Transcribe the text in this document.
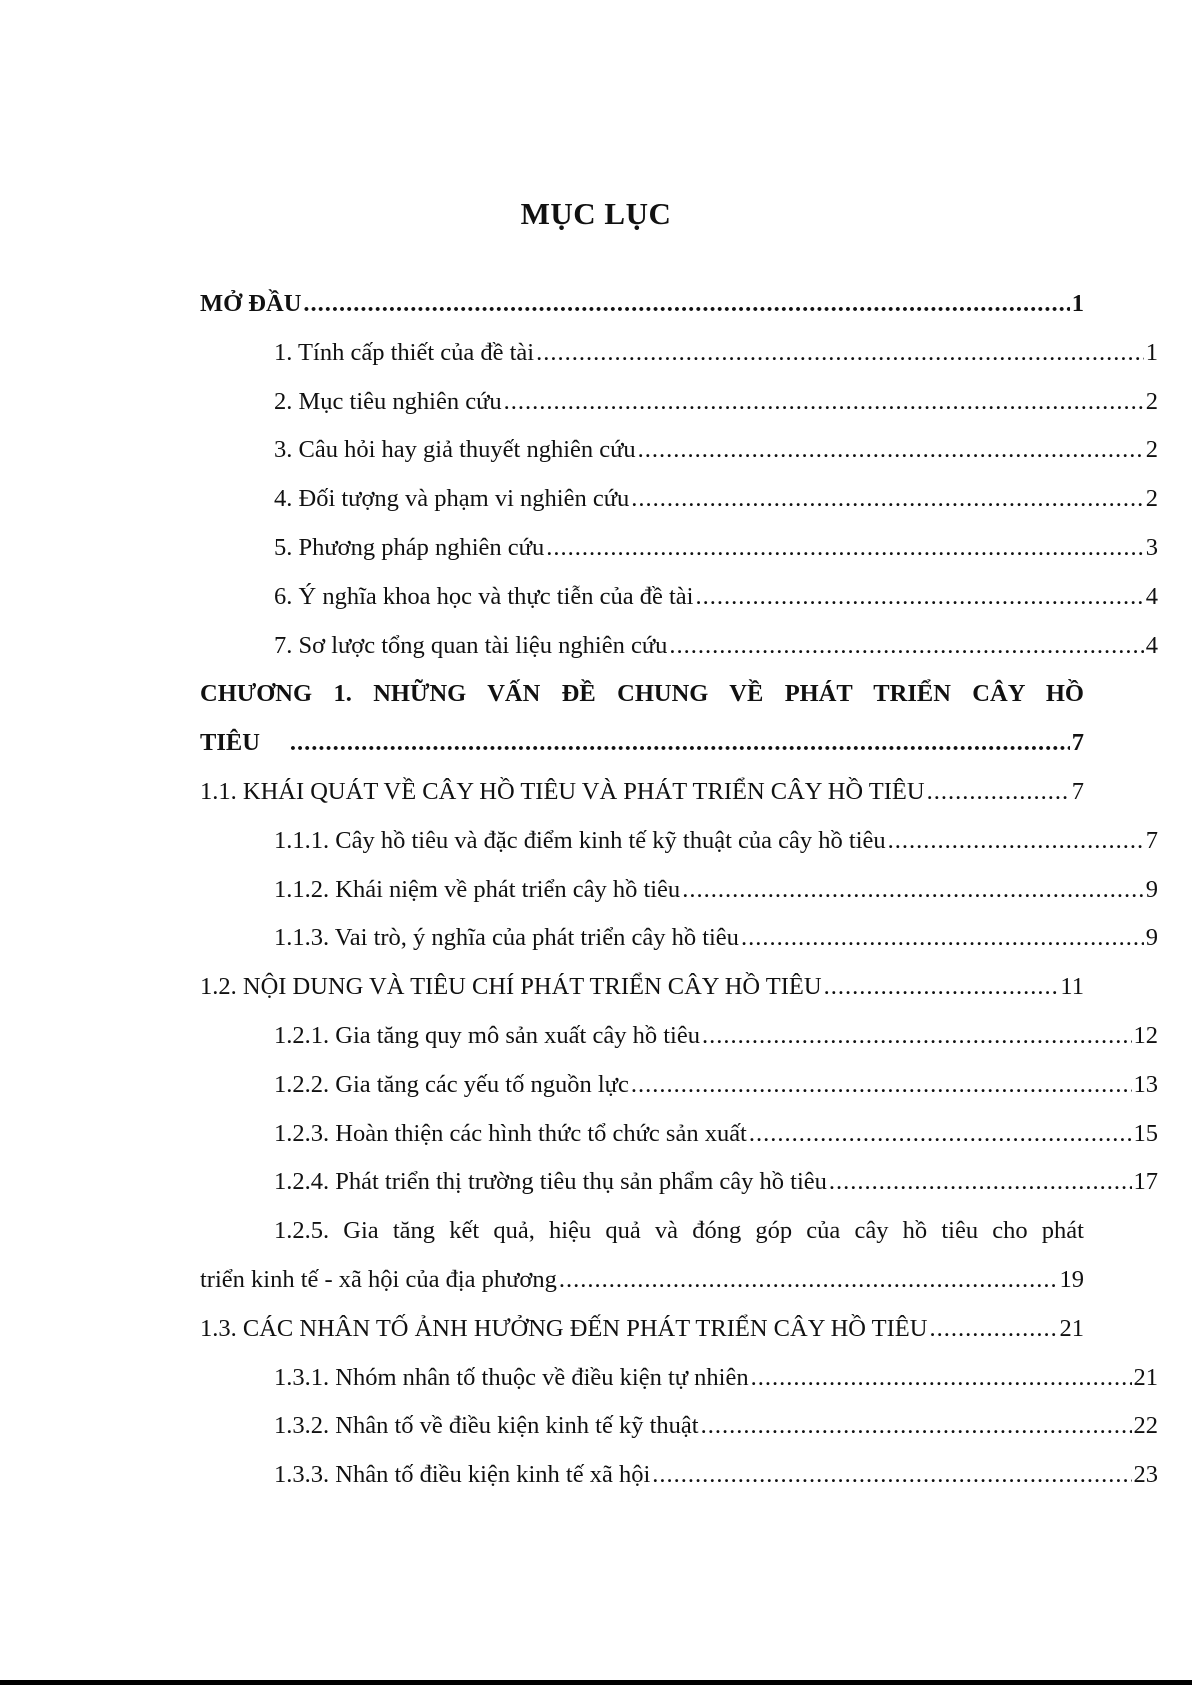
MỤC LỤC
MỞ ĐẦU .....	1
1. Tính cấp thiết của đề tài .....	1
2. Mục tiêu nghiên cứu .....	2
3. Câu hỏi hay giả thuyết nghiên cứu .....	2
4. Đối tượng và phạm vi nghiên cứu .....	2
5. Phương pháp nghiên cứu .....	3
6. Ý nghĩa khoa học và thực tiễn của đề tài .....	4
7. Sơ lược tổng quan tài liệu nghiên cứu .....	4
CHƯƠNG 1. NHỮNG VẤN ĐỀ CHUNG VỀ PHÁT TRIỂN CÂY HỒ
TIÊU .....	7
1.1. KHÁI QUÁT VỀ CÂY HỒ TIÊU VÀ PHÁT TRIỂN CÂY HỒ TIÊU .....	7
1.1.1. Cây hồ tiêu và đặc điểm kinh tế kỹ thuật của cây hồ tiêu .....	7
1.1.2. Khái niệm về phát triển cây hồ tiêu .....	9
1.1.3. Vai trò, ý nghĩa của phát triển cây hồ tiêu .....	9
1.2. NỘI DUNG VÀ TIÊU CHÍ PHÁT TRIỂN CÂY HỒ TIÊU .....	11
1.2.1. Gia tăng quy mô sản xuất cây hồ tiêu .....	12
1.2.2. Gia tăng các yếu tố nguồn lực .....	13
1.2.3. Hoàn thiện các hình thức tổ chức sản xuất .....	15
1.2.4. Phát triển thị trường tiêu thụ sản phẩm cây hồ tiêu .....	17
1.2.5. Gia tăng kết quả, hiệu quả và đóng góp của cây hồ tiêu cho phát
triển kinh tế - xã hội của địa phương .....	19
1.3. CÁC NHÂN TỐ ẢNH HƯỞNG ĐẾN PHÁT TRIỂN CÂY HỒ TIÊU .....	21
1.3.1. Nhóm nhân tố thuộc về điều kiện tự nhiên .....	21
1.3.2. Nhân tố về điều kiện kinh tế kỹ thuật .....	22
1.3.3. Nhân tố điều kiện kinh tế xã hội .....	23
